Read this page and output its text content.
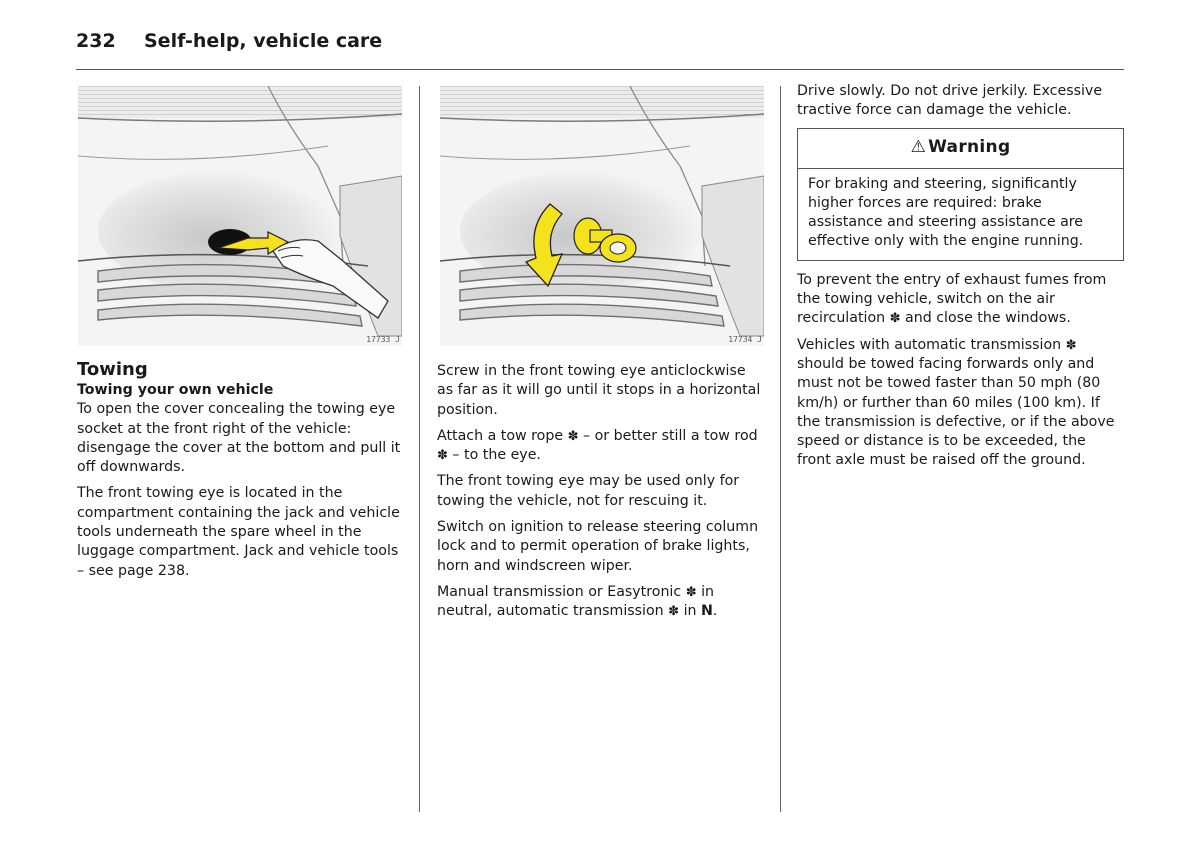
232 Self-help, vehicle care
17733 J	17734 J
Towing
Towing your own vehicle

To open the cover concealing the towing eye socket at the front right of the vehicle: disengage the cover at the bottom and pull it off downwards.

The front towing eye is located in the compartment containing the jack and vehicle tools underneath the spare wheel in the luggage compartment. Jack and vehicle tools – see page 238.

Screw in the front towing eye anticlockwise as far as it will go until it stops in a horizontal position.

Attach a tow rope ✽ – or better still a tow rod ✽ – to the eye.

The front towing eye may be used only for towing the vehicle, not for rescuing it.

Switch on ignition to release steering column lock and to permit operation of brake lights, horn and windscreen wiper.

Manual transmission or Easytronic ✽ in neutral, automatic transmission ✽ in N.

Drive slowly. Do not drive jerkily. Excessive tractive force can damage the vehicle.

⚠ Warning
For braking and steering, significantly higher forces are required: brake assistance and steering assistance are effective only with the engine running.

To prevent the entry of exhaust fumes from the towing vehicle, switch on the air recirculation ✽ and close the windows.

Vehicles with automatic transmission ✽ should be towed facing forwards only and must not be towed faster than 50 mph (80 km/h) or further than 60 miles (100 km). If the transmission is defective, or if the above speed or distance is to be exceeded, the front axle must be raised off the ground.
